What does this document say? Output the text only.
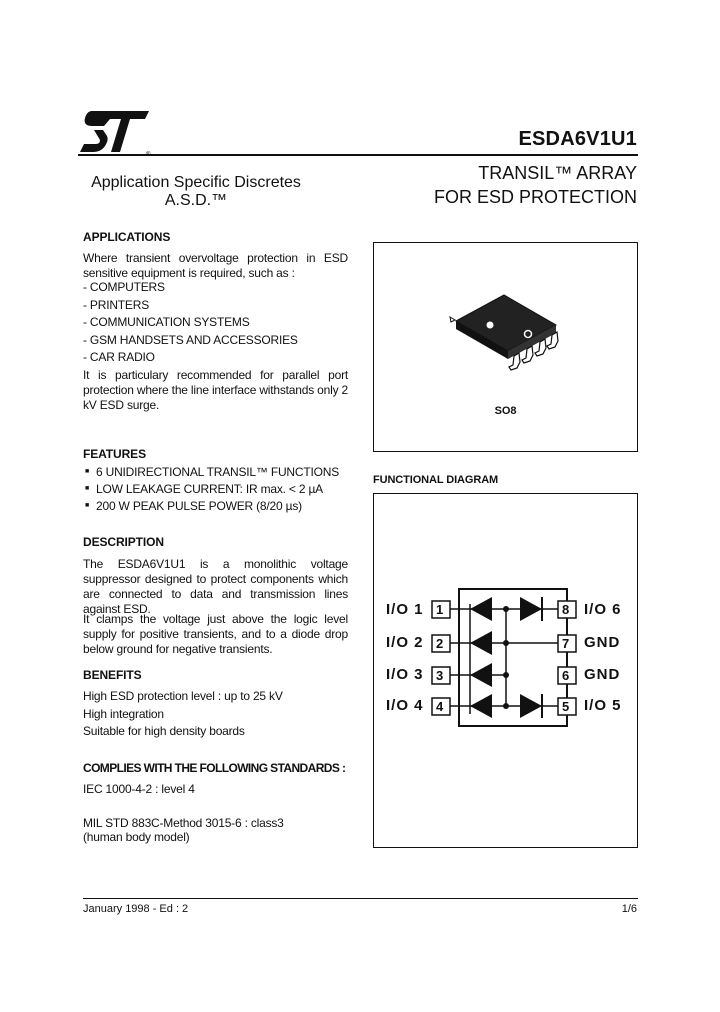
®
ESDA6V1U1
Application Specific Discretes
A.S.D.™
TRANSIL™ ARRAY
FOR ESD PROTECTION
APPLICATIONS
Where transient overvoltage protection in ESD sensitive equipment is required, such as :
- COMPUTERS
- PRINTERS
- COMMUNICATION SYSTEMS
- GSM HANDSETS AND ACCESSORIES
- CAR RADIO
It is particulary recommended for parallel port protection where the line interface withstands only 2 kV ESD surge.
FEATURES
■ 6 UNIDIRECTIONAL TRANSIL™ FUNCTIONS
■ LOW LEAKAGE CURRENT: IR max. < 2 µA
■ 200 W PEAK PULSE POWER (8/20 µs)
DESCRIPTION
The ESDA6V1U1 is a monolithic voltage suppressor designed to protect components which are connected to data and transmission lines against ESD.
It clamps the voltage just above the logic level supply for positive transients, and to a diode drop below ground for negative transients.
BENEFITS
High ESD protection level : up to 25 kV
High integration
Suitable for high density boards
COMPLIES WITH THE FOLLOWING STANDARDS :
IEC 1000-4-2 : level 4
MIL STD 883C-Method 3015-6 : class3
(human body model)
SO8
FUNCTIONAL DIAGRAM
I/O 1
I/O 2
I/O 3
I/O 4
1
2
3
4
8
7
6
5
I/O 6
GND
GND
I/O 5
January 1998 - Ed : 2	1/6
